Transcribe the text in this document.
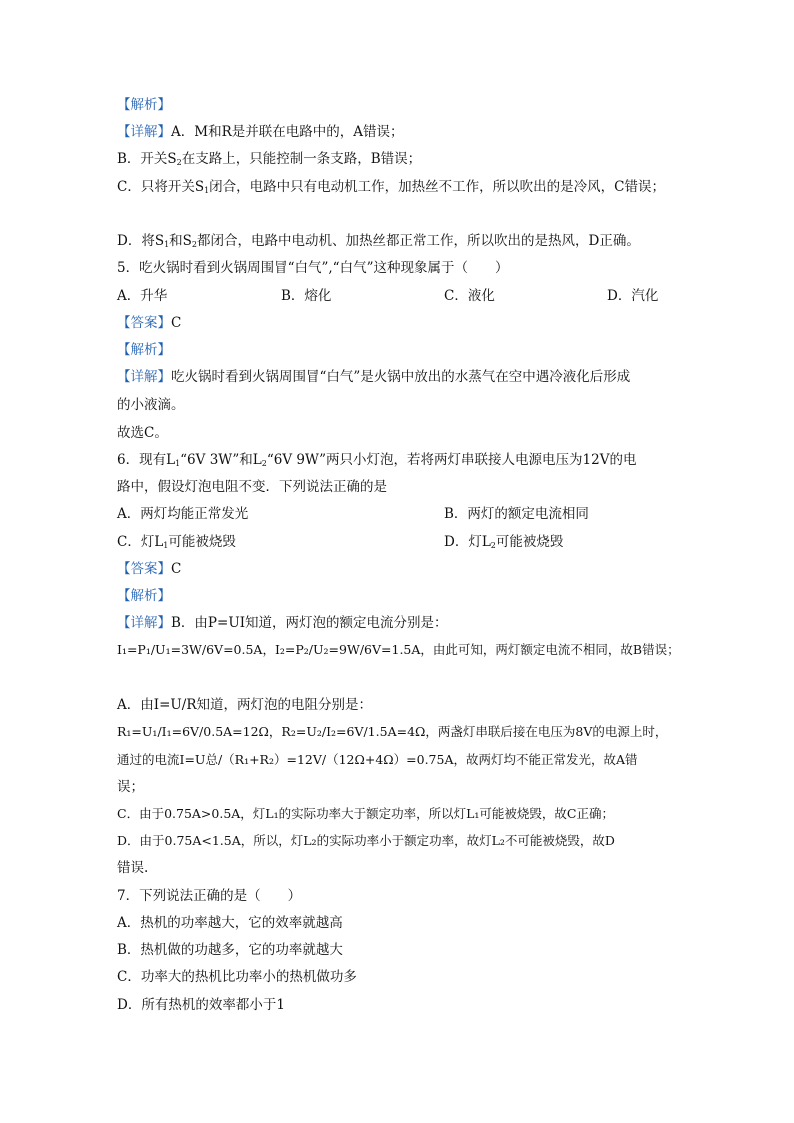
【解析】
【详解】A．M和R是并联在电路中的，A错误；
B．开关$S_2$在支路上，只能控制一条支路，B错误；
C．只将开关$S_1$闭合，电路中只有电动机工作，加热丝不工作，所以吹出的是冷风，C错误；
D．将$S_1$和$S_2$都闭合，电路中电动机、加热丝都正常工作，所以吹出的是热风，D正确。
5．吃火锅时看到火锅周围冒“白气”,“白气”这种现象属于（　　）
A．升华	B．熔化	C．液化	D．汽化
【答案】C
【解析】
【详解】吃火锅时看到火锅周围冒“白气”是火锅中放出的水蒸气在空中遇冷液化后形成
的小液滴。
故选C。
6．现有$L_1“6V$ 3W”和$L_2“6V$ 9W”两只小灯泡，若将两灯串联接人电源电压为12V的电
路中，假设灯泡电阻不变．下列说法正确的是
A．两灯均能正常发光	B．两灯的额定电流相同
C．灯$L_1$可能被烧毁	D．灯$L_2$可能被烧毁
【答案】C
【解析】
【详解】B．由P=UI知道，两灯泡的额定电流分别是：
I₁=P₁/U₁=3W/6V=0.5A，I₂=P₂/U₂=9W/6V=1.5A，由此可知，两灯额定电流不相同，故B错误；
A．由I=U/R知道，两灯泡的电阻分别是：
R₁=U₁/I₁=6V/0.5A=12Ω，R₂=U₂/I₂=6V/1.5A=4Ω，两盏灯串联后接在电压为8V的电源上时，
通过的电流I=U总/（R₁+R₂）=12V/（12Ω+4Ω）=0.75A，故两灯均不能正常发光，故A错
误；
C．由于0.75A>0.5A，灯L₁的实际功率大于额定功率，所以灯L₁可能被烧毁，故C正确；
D．由于0.75A<1.5A，所以，灯L₂的实际功率小于额定功率，故灯L₂不可能被烧毁，故D
错误.
7．下列说法正确的是（　　）
A．热机的功率越大，它的效率就越高
B．热机做的功越多，它的功率就越大
C．功率大的热机比功率小的热机做功多
D．所有热机的效率都小于1
